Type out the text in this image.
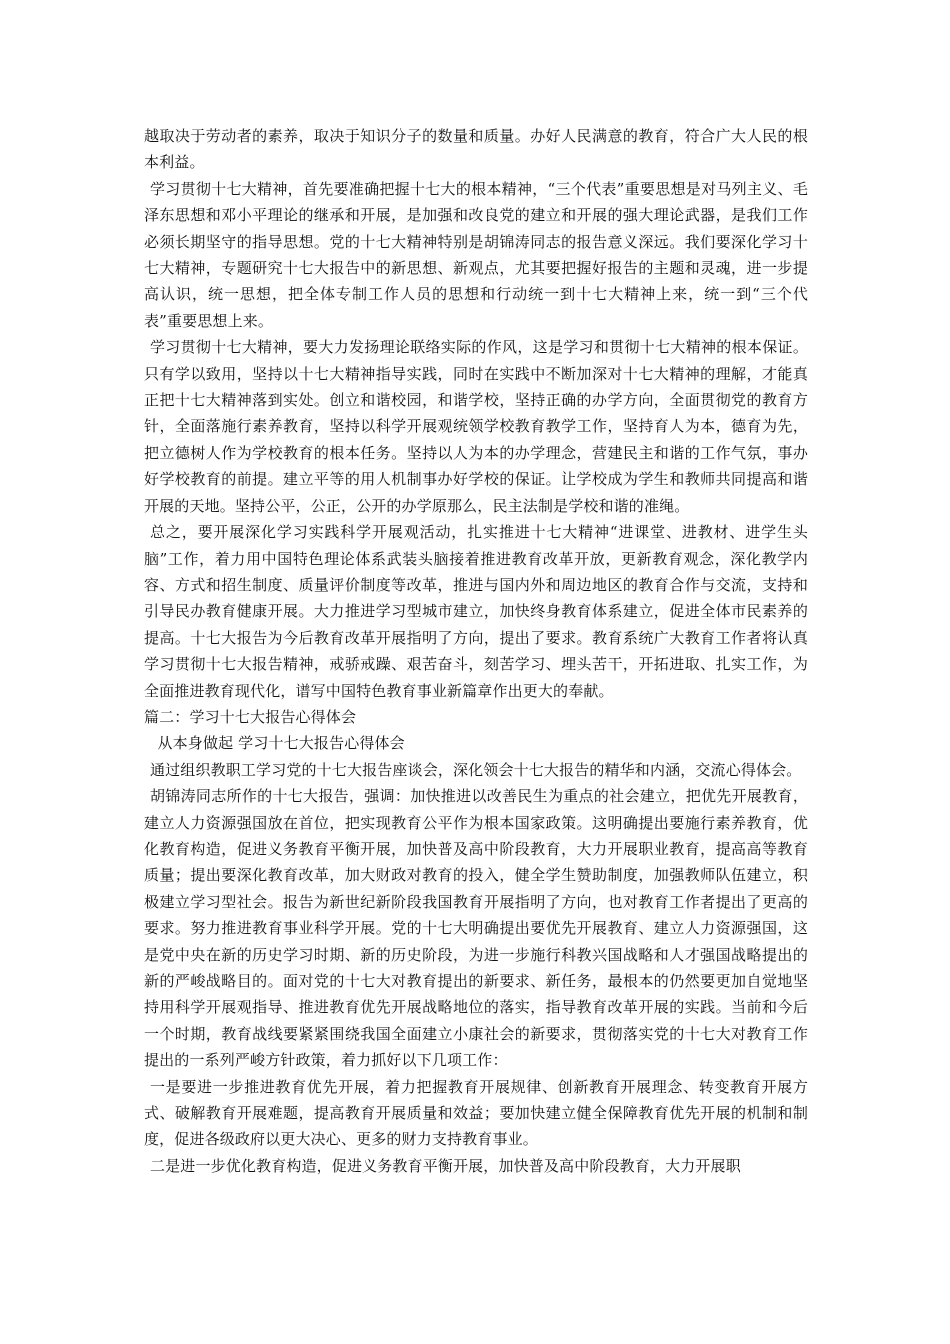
越取决于劳动者的素养，取决于知识分子的数量和质量。办好人民满意的教育，符合广大人民的根本利益。

学习贯彻十七大精神，首先要准确把握十七大的根本精神，“三个代表”重要思想是对马列主义、毛泽东思想和邓小平理论的继承和开展，是加强和改良党的建立和开展的强大理论武器，是我们工作必须长期坚守的指导思想。党的十七大精神特别是胡锦涛同志的报告意义深远。我们要深化学习十七大精神，专题研究十七大报告中的新思想、新观点，尤其要把握好报告的主题和灵魂，进一步提高认识，统一思想，把全体专制工作人员的思想和行动统一到十七大精神上来，统一到“三个代表”重要思想上来。

学习贯彻十七大精神，要大力发扬理论联络实际的作风，这是学习和贯彻十七大精神的根本保证。只有学以致用，坚持以十七大精神指导实践，同时在实践中不断加深对十七大精神的理解，才能真正把十七大精神落到实处。创立和谐校园，和谐学校，坚持正确的办学方向，全面贯彻党的教育方针，全面落施行素养教育，坚持以科学开展观统领学校教育教学工作，坚持育人为本，德育为先，把立德树人作为学校教育的根本任务。坚持以人为本的办学理念，营建民主和谐的工作气氛，事办好学校教育的前提。建立平等的用人机制事办好学校的保证。让学校成为学生和教师共同提高和谐开展的天地。坚持公平，公正，公开的办学原那么，民主法制是学校和谐的准绳。

总之，要开展深化学习实践科学开展观活动，扎实推进十七大精神“进课堂、进教材、进学生头脑”工作，着力用中国特色理论体系武装头脑接着推进教育改革开放，更新教育观念，深化教学内容、方式和招生制度、质量评价制度等改革，推进与国内外和周边地区的教育合作与交流，支持和引导民办教育健康开展。大力推进学习型城市建立，加快终身教育体系建立，促进全体市民素养的提高。十七大报告为今后教育改革开展指明了方向，提出了要求。教育系统广大教育工作者将认真学习贯彻十七大报告精神，戒骄戒躁、艰苦奋斗，刻苦学习、埋头苦干，开拓进取、扎实工作，为全面推进教育现代化，谱写中国特色教育事业新篇章作出更大的奉献。

篇二：学习十七大报告心得体会

从本身做起 学习十七大报告心得体会

通过组织教职工学习党的十七大报告座谈会，深化领会十七大报告的精华和内涵，交流心得体会。

胡锦涛同志所作的十七大报告，强调：加快推进以改善民生为重点的社会建立，把优先开展教育，建立人力资源强国放在首位，把实现教育公平作为根本国家政策。这明确提出要施行素养教育，优化教育构造，促进义务教育平衡开展，加快普及高中阶段教育，大力开展职业教育，提高高等教育质量；提出要深化教育改革，加大财政对教育的投入，健全学生赞助制度，加强教师队伍建立，积极建立学习型社会。报告为新世纪新阶段我国教育开展指明了方向，也对教育工作者提出了更高的要求。努力推进教育事业科学开展。党的十七大明确提出要优先开展教育、建立人力资源强国，这是党中央在新的历史学习时期、新的历史阶段，为进一步施行科教兴国战略和人才强国战略提出的新的严峻战略目的。面对党的十七大对教育提出的新要求、新任务，最根本的仍然要更加自觉地坚持用科学开展观指导、推进教育优先开展战略地位的落实，指导教育改革开展的实践。当前和今后一个时期，教育战线要紧紧围绕我国全面建立小康社会的新要求，贯彻落实党的十七大对教育工作提出的一系列严峻方针政策，着力抓好以下几项工作：

一是要进一步推进教育优先开展，着力把握教育开展规律、创新教育开展理念、转变教育开展方式、破解教育开展难题，提高教育开展质量和效益；要加快建立健全保障教育优先开展的机制和制度，促进各级政府以更大决心、更多的财力支持教育事业。

二是进一步优化教育构造，促进义务教育平衡开展，加快普及高中阶段教育，大力开展职
